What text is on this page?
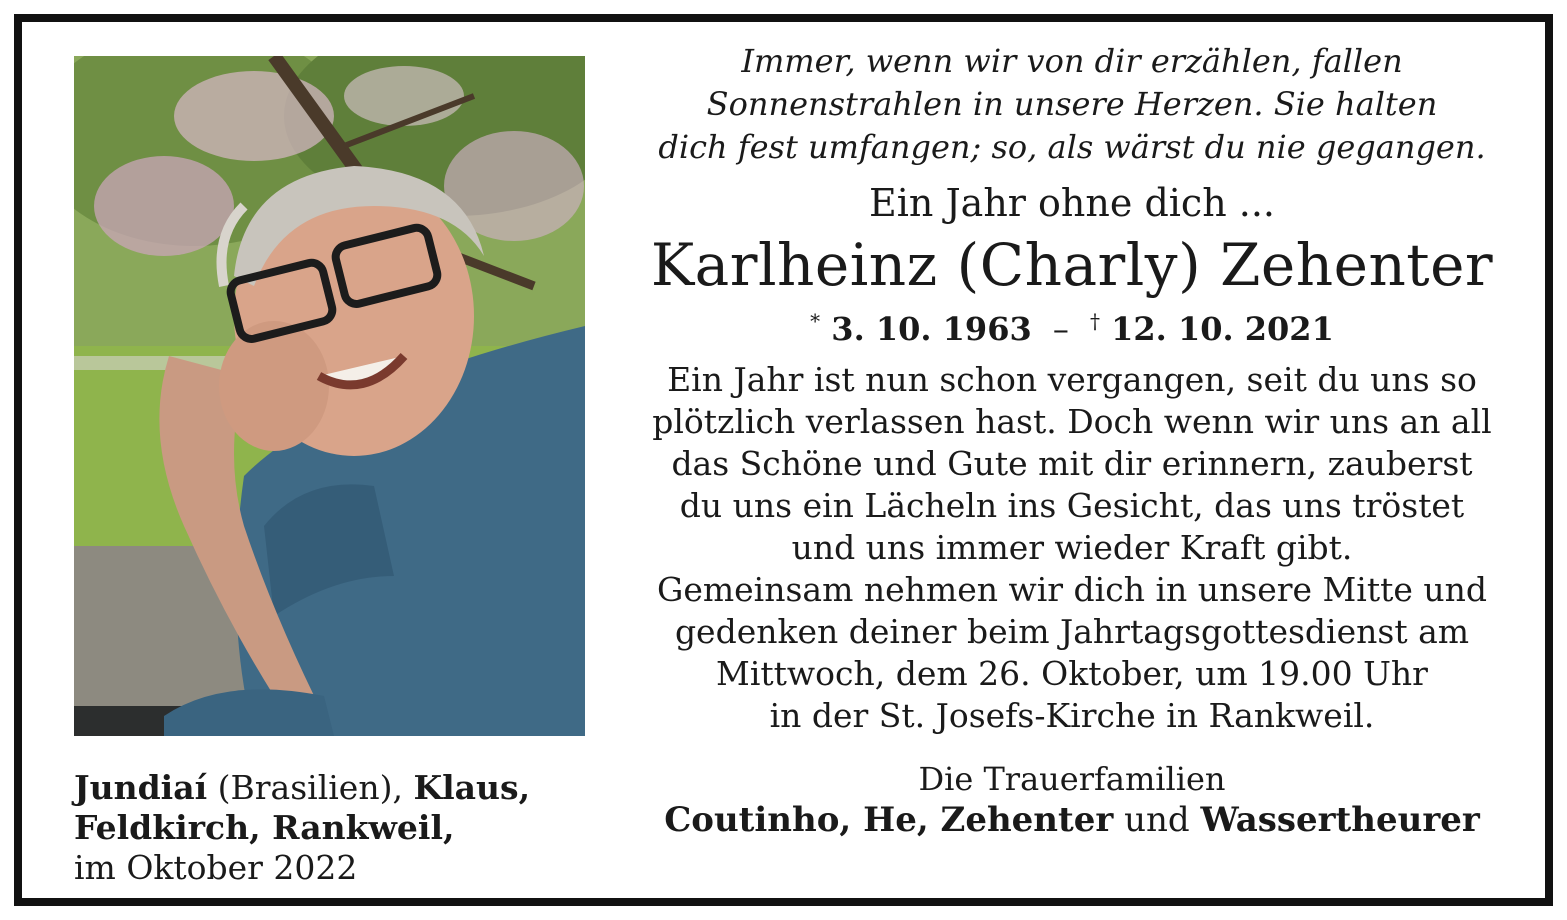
Jundiaí (Brasilien), Klaus,
Feldkirch, Rankweil,
im Oktober 2022
Immer, wenn wir von dir erzählen, fallen
Sonnenstrahlen in unsere Herzen. Sie halten
dich fest umfangen; so, als wärst du nie gegangen.
Ein Jahr ohne dich ...
Karlheinz (Charly) Zehenter
* 3. 10. 1963 – † 12. 10. 2021
Ein Jahr ist nun schon vergangen, seit du uns so
plötzlich verlassen hast. Doch wenn wir uns an all
das Schöne und Gute mit dir erinnern, zauberst
du uns ein Lächeln ins Gesicht, das uns tröstet
und uns immer wieder Kraft gibt.
Gemeinsam nehmen wir dich in unsere Mitte und
gedenken deiner beim Jahrtagsgottesdienst am
Mittwoch, dem 26. Oktober, um 19.00 Uhr
in der St. Josefs-Kirche in Rankweil.
Die Trauerfamilien
Coutinho, He, Zehenter und Wassertheurer
